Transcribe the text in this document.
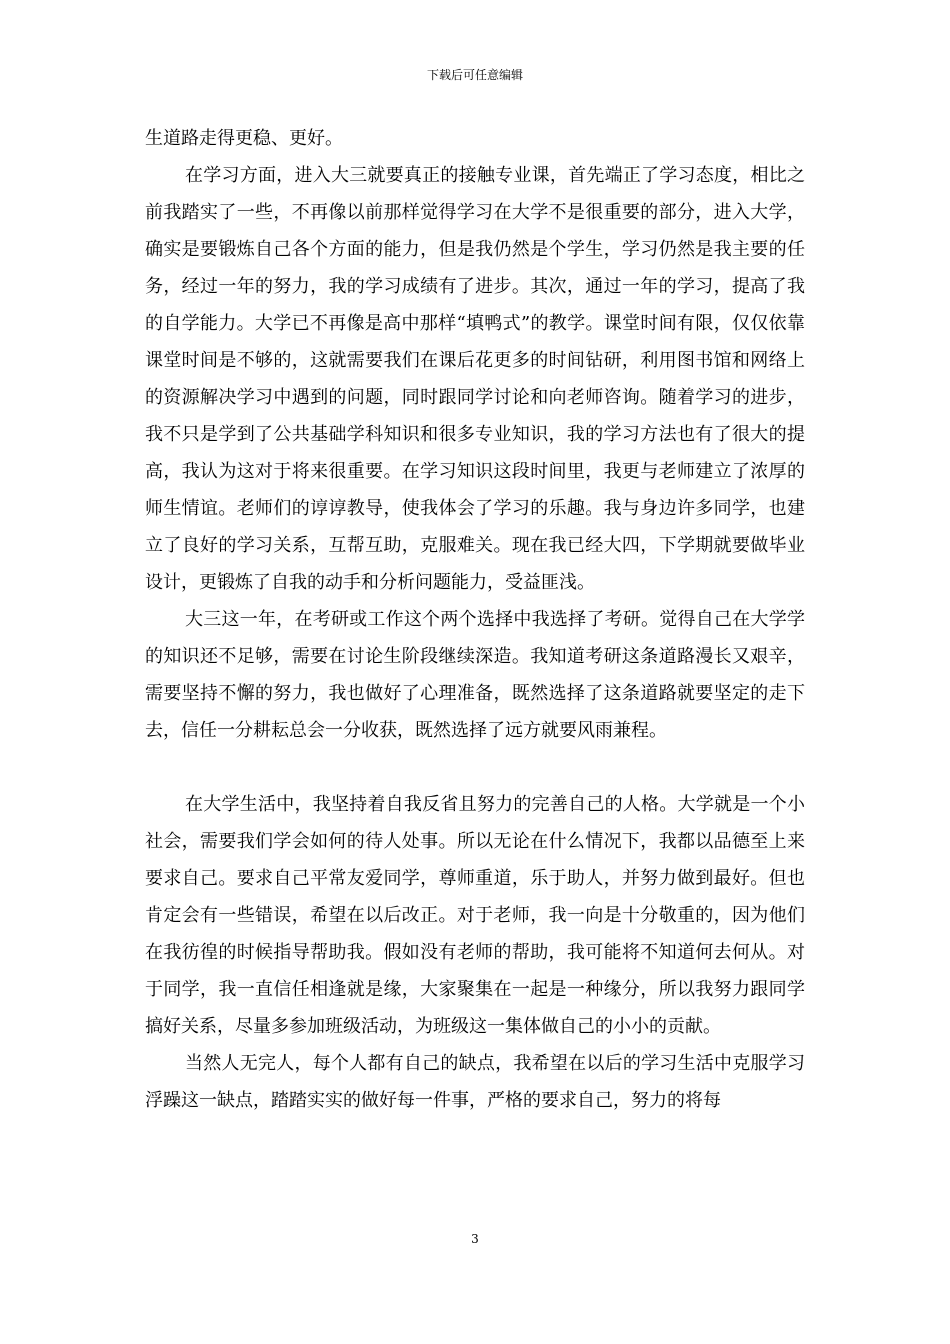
下载后可任意编辑

生道路走得更稳、更好。

在学习方面，进入大三就要真正的接触专业课，首先端正了学习态度，相比之前我踏实了一些，不再像以前那样觉得学习在大学不是很重要的部分，进入大学，确实是要锻炼自己各个方面的能力，但是我仍然是个学生，学习仍然是我主要的任务，经过一年的努力，我的学习成绩有了进步。其次，通过一年的学习，提高了我的自学能力。大学已不再像是高中那样“填鸭式”的教学。课堂时间有限，仅仅依靠课堂时间是不够的，这就需要我们在课后花更多的时间钻研，利用图书馆和网络上的资源解决学习中遇到的问题，同时跟同学讨论和向老师咨询。随着学习的进步，我不只是学到了公共基础学科知识和很多专业知识，我的学习方法也有了很大的提高，我认为这对于将来很重要。在学习知识这段时间里，我更与老师建立了浓厚的师生情谊。老师们的谆谆教导，使我体会了学习的乐趣。我与身边许多同学，也建立了良好的学习关系，互帮互助，克服难关。现在我已经大四，下学期就要做毕业设计，更锻炼了自我的动手和分析问题能力，受益匪浅。

大三这一年，在考研或工作这个两个选择中我选择了考研。觉得自己在大学学的知识还不足够，需要在讨论生阶段继续深造。我知道考研这条道路漫长又艰辛，需要坚持不懈的努力，我也做好了心理准备，既然选择了这条道路就要坚定的走下去，信任一分耕耘总会一分收获，既然选择了远方就要风雨兼程。

在大学生活中，我坚持着自我反省且努力的完善自己的人格。大学就是一个小社会，需要我们学会如何的待人处事。所以无论在什么情况下，我都以品德至上来要求自己。要求自己平常友爱同学，尊师重道，乐于助人，并努力做到最好。但也肯定会有一些错误，希望在以后改正。对于老师，我一向是十分敬重的，因为他们在我彷徨的时候指导帮助我。假如没有老师的帮助，我可能将不知道何去何从。对于同学，我一直信任相逢就是缘，大家聚集在一起是一种缘分，所以我努力跟同学搞好关系，尽量多参加班级活动，为班级这一集体做自己的小小的贡献。

当然人无完人，每个人都有自己的缺点，我希望在以后的学习生活中克服学习浮躁这一缺点，踏踏实实的做好每一件事，严格的要求自己，努力的将每

3
